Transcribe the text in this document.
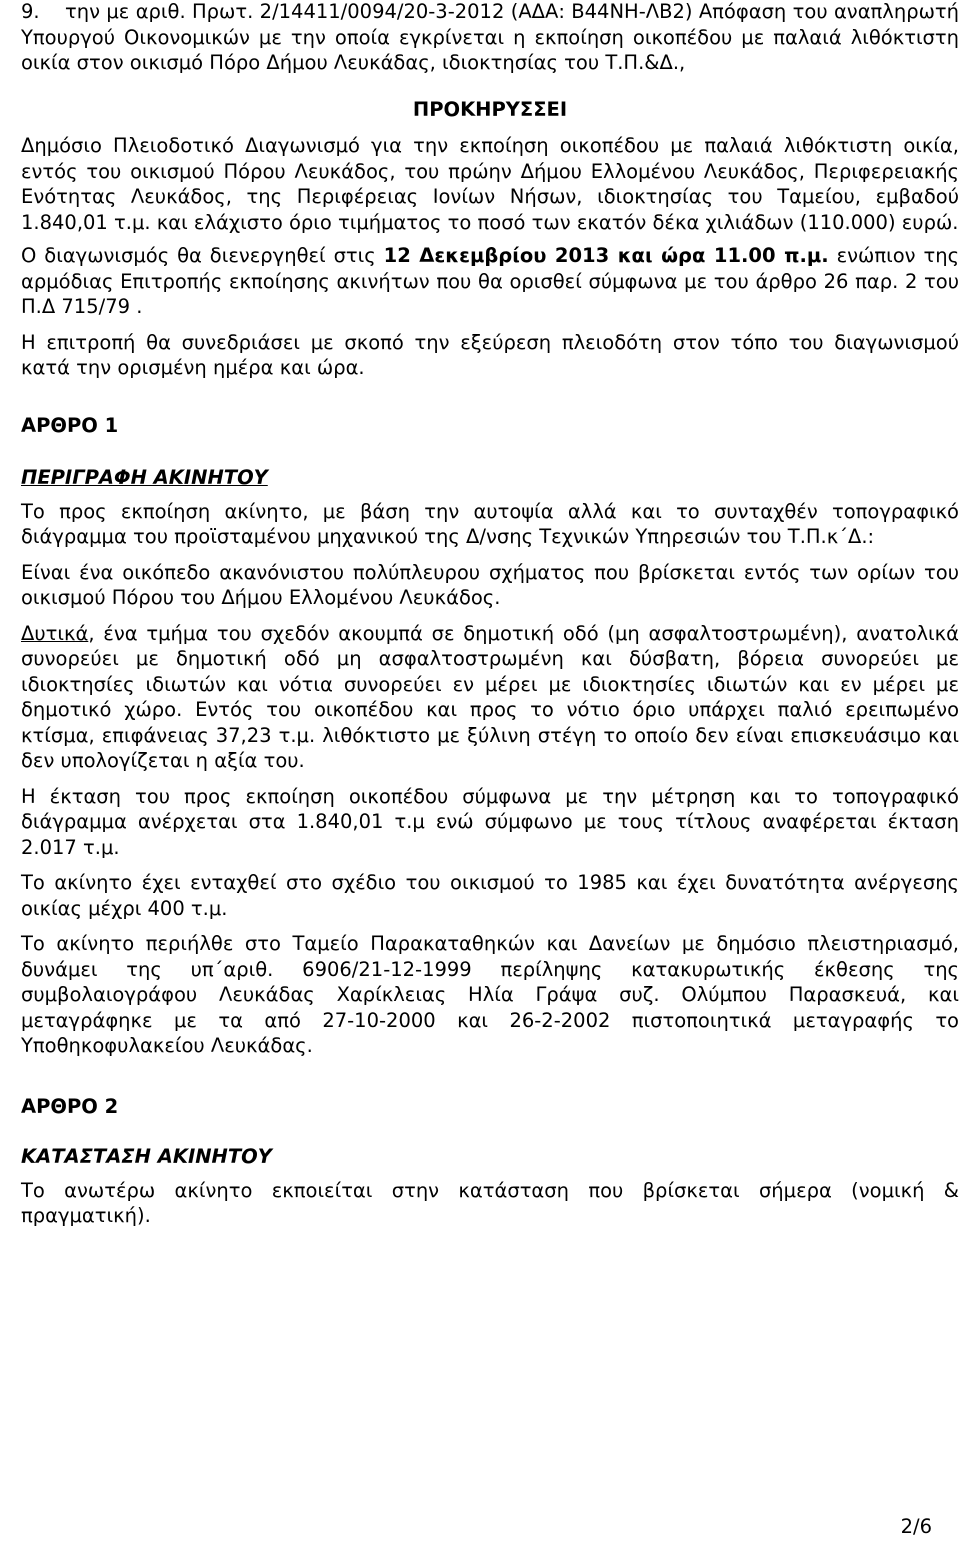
9. την με αριθ. Πρωτ. 2/14411/0094/20-3-2012 (ΑΔΑ: Β44ΝΗ-ΛΒ2) Απόφαση του αναπληρωτή Υπουργού Οικονομικών με την οποία εγκρίνεται η εκποίηση οικοπέδου με παλαιά λιθόκτιστη οικία στον οικισμό Πόρο Δήμου Λευκάδας, ιδιοκτησίας του Τ.Π.&Δ.,

ΠΡΟΚΗΡΥΣΣΕΙ

Δημόσιο Πλειοδοτικό Διαγωνισμό για την εκποίηση οικοπέδου με παλαιά λιθόκτιστη οικία, εντός του οικισμού Πόρου Λευκάδος, του πρώην Δήμου Ελλομένου Λευκάδος, Περιφερειακής Ενότητας Λευκάδος, της Περιφέρειας Ιονίων Νήσων, ιδιοκτησίας του Ταμείου, εμβαδού 1.840,01 τ.μ. και ελάχιστο όριο τιμήματος το ποσό των εκατόν δέκα χιλιάδων (110.000) ευρώ.

Ο διαγωνισμός θα διενεργηθεί στις 12 Δεκεμβρίου 2013 και ώρα 11.00 π.μ. ενώπιον της αρμόδιας Επιτροπής εκποίησης ακινήτων που θα ορισθεί σύμφωνα με του άρθρο 26 παρ. 2 του Π.Δ 715/79 .

Η επιτροπή θα συνεδριάσει με σκοπό την εξεύρεση πλειοδότη στον τόπο του διαγωνισμού κατά την ορισμένη ημέρα και ώρα.

ΑΡΘΡΟ 1
ΠΕΡΙΓΡΑΦΗ ΑΚΙΝΗΤΟΥ

Το προς εκποίηση ακίνητο, με βάση την αυτοψία αλλά και το συνταχθέν τοπογραφικό διάγραμμα του προϊσταμένου μηχανικού της Δ/νσης Τεχνικών Υπηρεσιών του Τ.Π.κ΄Δ.:

Είναι ένα οικόπεδο ακανόνιστου πολύπλευρου σχήματος που βρίσκεται εντός των ορίων του οικισμού Πόρου του Δήμου Ελλομένου Λευκάδος.

Δυτικά, ένα τμήμα του σχεδόν ακουμπά σε δημοτική οδό (μη ασφαλτοστρωμένη), ανατολικά συνορεύει με δημοτική οδό μη ασφαλτοστρωμένη και δύσβατη, βόρεια συνορεύει με ιδιοκτησίες ιδιωτών και νότια συνορεύει εν μέρει με ιδιοκτησίες ιδιωτών και εν μέρει με δημοτικό χώρο. Εντός του οικοπέδου και προς το νότιο όριο υπάρχει παλιό ερειπωμένο κτίσμα, επιφάνειας 37,23 τ.μ. λιθόκτιστο με ξύλινη στέγη το οποίο δεν είναι επισκευάσιμο και δεν υπολογίζεται η αξία του.

Η έκταση του προς εκποίηση οικοπέδου σύμφωνα με την μέτρηση και το τοπογραφικό διάγραμμα ανέρχεται στα 1.840,01 τ.μ ενώ σύμφωνο με τους τίτλους αναφέρεται έκταση 2.017 τ.μ.

Το ακίνητο έχει ενταχθεί στο σχέδιο του οικισμού το 1985 και έχει δυνατότητα ανέργεσης οικίας μέχρι 400 τ.μ.

Το ακίνητο περιήλθε στο Ταμείο Παρακαταθηκών και Δανείων με δημόσιο πλειστηριασμό, δυνάμει της υπ΄αριθ. 6906/21-12-1999 περίληψης κατακυρωτικής έκθεσης της συμβολαιογράφου Λευκάδας Χαρίκλειας Ηλία Γράψα συζ. Ολύμπου Παρασκευά, και μεταγράφηκε με τα από 27-10-2000 και 26-2-2002 πιστοποιητικά μεταγραφής το Υποθηκοφυλακείου Λευκάδας.

ΑΡΘΡΟ 2
ΚΑΤΑΣΤΑΣΗ ΑΚΙΝΗΤΟΥ

Το ανωτέρω ακίνητο εκποιείται στην κατάσταση που βρίσκεται σήμερα (νομική & πραγματική).

2/6
